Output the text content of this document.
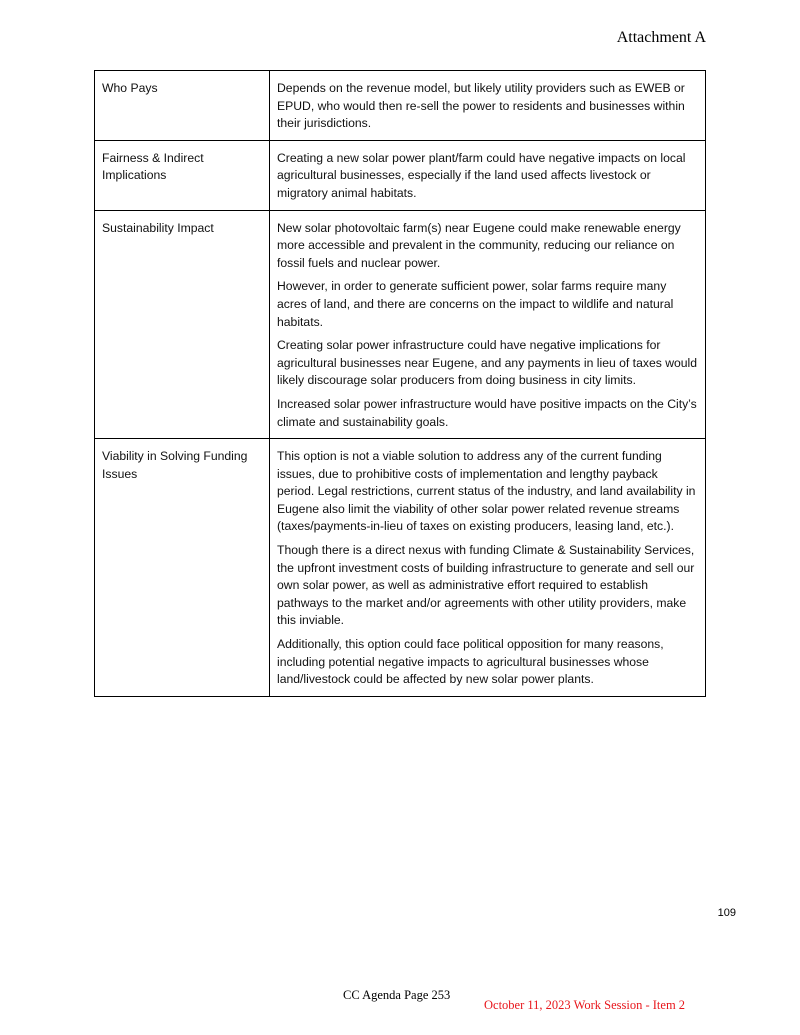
Attachment A
Who Pays	Depends on the revenue model, but likely utility providers such as EWEB or EPUD, who would then re-sell the power to residents and businesses within their jurisdictions.

Fairness & Indirect Implications	Creating a new solar power plant/farm could have negative impacts on local agricultural businesses, especially if the land used affects livestock or migratory animal habitats.

Sustainability Impact	New solar photovoltaic farm(s) near Eugene could make renewable energy more accessible and prevalent in the community, reducing our reliance on fossil fuels and nuclear power.

However, in order to generate sufficient power, solar farms require many acres of land, and there are concerns on the impact to wildlife and natural habitats.

Creating solar power infrastructure could have negative implications for agricultural businesses near Eugene, and any payments in lieu of taxes would likely discourage solar producers from doing business in city limits.

Increased solar power infrastructure would have positive impacts on the City’s climate and sustainability goals.

Viability in Solving Funding Issues	This option is not a viable solution to address any of the current funding issues, due to prohibitive costs of implementation and lengthy payback period. Legal restrictions, current status of the industry, and land availability in Eugene also limit the viability of other solar power related revenue streams (taxes/payments-in-lieu of taxes on existing producers, leasing land, etc.).

Though there is a direct nexus with funding Climate & Sustainability Services, the upfront investment costs of building infrastructure to generate and sell our own solar power, as well as administrative effort required to establish pathways to the market and/or agreements with other utility providers, make this inviable.

Additionally, this option could face political opposition for many reasons, including potential negative impacts to agricultural businesses whose land/livestock could be affected by new solar power plants.

109
CC Agenda Page 253
October 11, 2023 Work Session - Item 2
